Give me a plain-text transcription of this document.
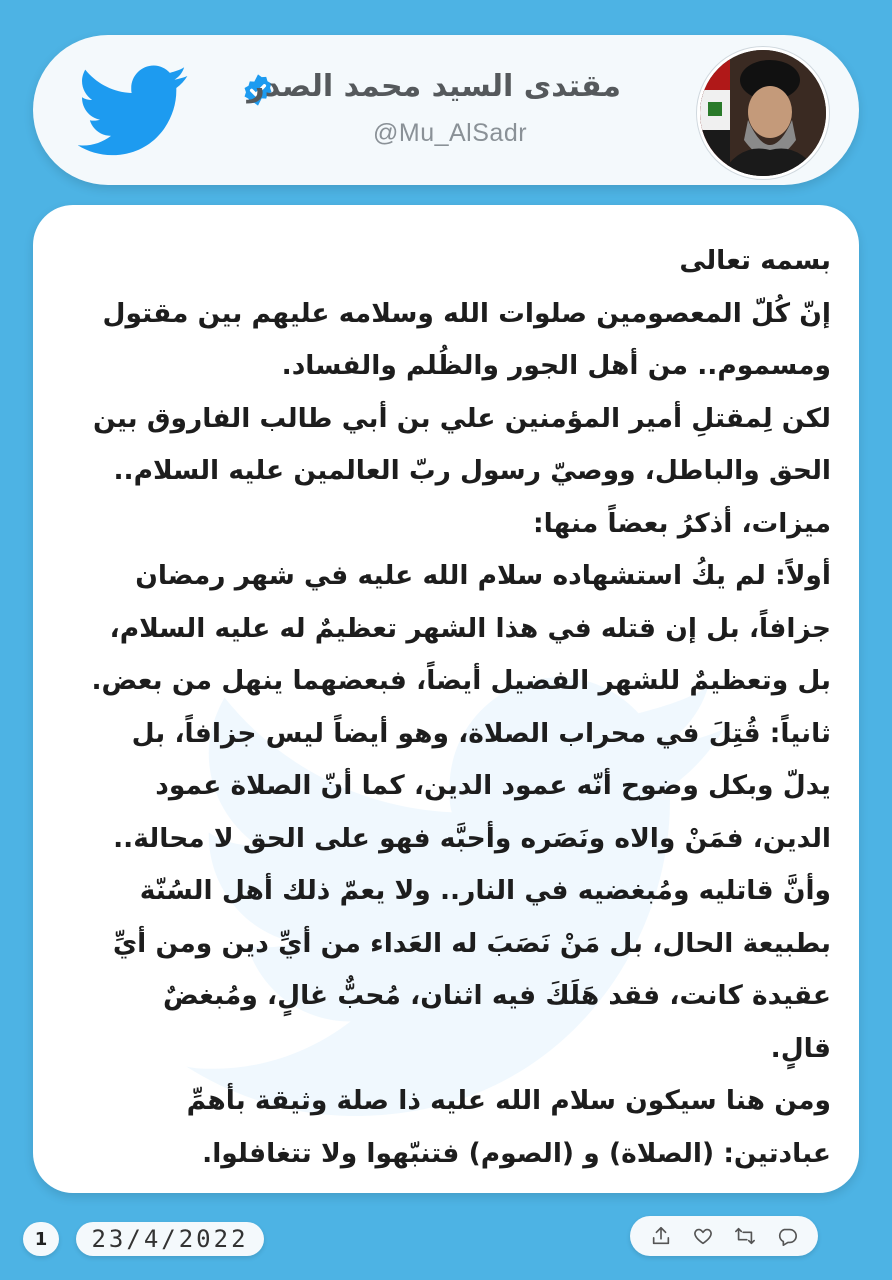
مقتدى السيد محمد الصدر
@Mu_AlSadr

بسمه تعالى

إنّ كُلّ المعصومين صلوات الله وسلامه عليهم بين مقتول

ومسموم.. من أهل الجور والظُلم والفساد.

لكن لِمقتلِ أمير المؤمنين علي بن أبي طالب الفاروق بين

الحق والباطل، ووصيّ رسول ربّ العالمين عليه السلام..

ميزات، أذكرُ بعضاً منها:

أولاً: لم يكُ استشهاده سلام الله عليه في شهر رمضان

جزافاً، بل إن قتله في هذا الشهر تعظيمٌ له عليه السلام،

بل وتعظيمٌ للشهر الفضيل أيضاً، فبعضهما ينهل من بعض.

ثانياً: قُتِلَ في محراب الصلاة، وهو أيضاً ليس جزافاً، بل

يدلّ وبكل وضوح أنّه عمود الدين، كما أنّ الصلاة عمود

الدين، فمَنْ والاه ونَصَره وأحبَّه فهو على الحق لا محالة..

وأنَّ قاتليه ومُبغضيه في النار.. ولا يعمّ ذلك أهل السُنّة

بطبيعة الحال، بل مَنْ نَصَبَ له العَداء من أيِّ دين ومن أيِّ

عقيدة كانت، فقد هَلَكَ فيه اثنان، مُحبٌّ غالٍ، ومُبغضٌ

قالٍ.

ومن هنا سيكون سلام الله عليه ذا صلة وثيقة بأهمِّ

عبادتين: (الصلاة) و (الصوم) فتنبّهوا ولا تتغافلوا.

1	23/4/2022
